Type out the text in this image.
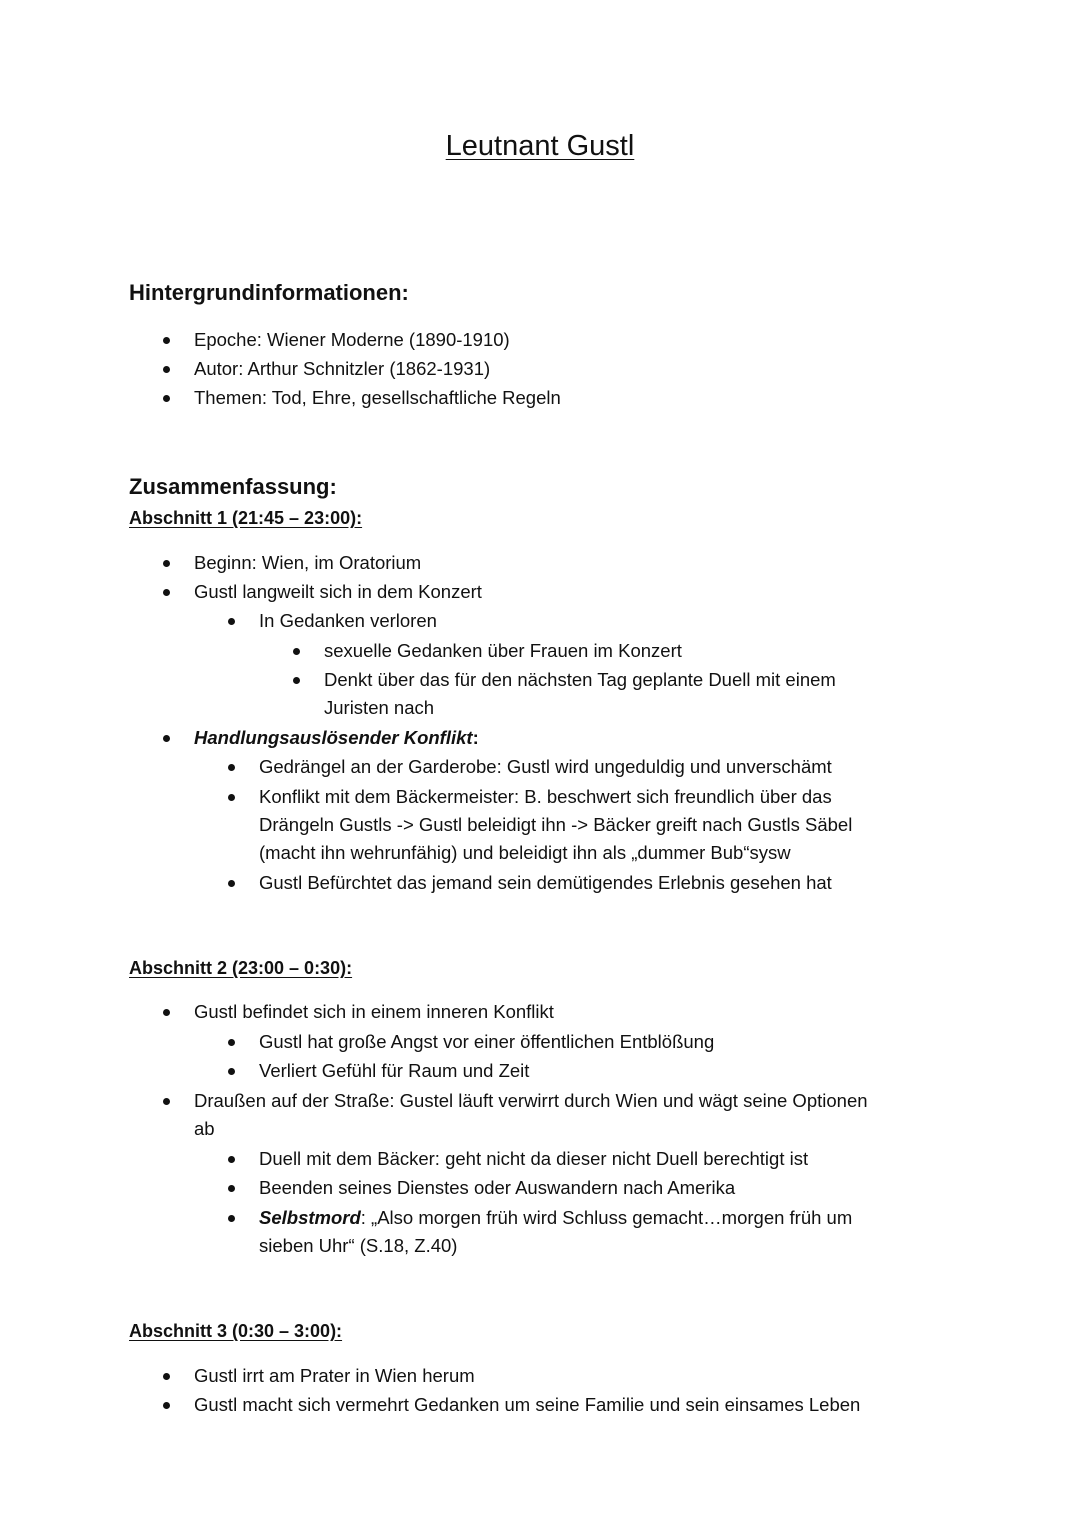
Leutnant Gustl
Hintergrundinformationen:
Epoche: Wiener Moderne (1890-1910)
Autor: Arthur Schnitzler (1862-1931)
Themen: Tod, Ehre, gesellschaftliche Regeln
Zusammenfassung:
Abschnitt 1 (21:45 – 23:00):
Beginn: Wien, im Oratorium
Gustl langweilt sich in dem Konzert
In Gedanken verloren
sexuelle Gedanken über Frauen im Konzert
Denkt über das für den nächsten Tag geplante Duell mit einem
Juristen nach
Handlungsauslösender Konflikt:
Gedrängel an der Garderobe: Gustl wird ungeduldig und unverschämt
Konflikt mit dem Bäckermeister: B. beschwert sich freundlich über das
Drängeln Gustls -> Gustl beleidigt ihn -> Bäcker greift nach Gustls Säbel
(macht ihn wehrunfähig) und beleidigt ihn als „dummer Bub“sysw
Gustl Befürchtet das jemand sein demütigendes Erlebnis gesehen hat
Abschnitt 2 (23:00 – 0:30):
Gustl befindet sich in einem inneren Konflikt
Gustl hat große Angst vor einer öffentlichen Entblößung
Verliert Gefühl für Raum und Zeit
Draußen auf der Straße: Gustel läuft verwirrt durch Wien und wägt seine Optionen
ab
Duell mit dem Bäcker: geht nicht da dieser nicht Duell berechtigt ist
Beenden seines Dienstes oder Auswandern nach Amerika
Selbstmord: „Also morgen früh wird Schluss gemacht…morgen früh um
sieben Uhr“ (S.18, Z.40)
Abschnitt 3 (0:30 – 3:00):
Gustl irrt am Prater in Wien herum
Gustl macht sich vermehrt Gedanken um seine Familie und sein einsames Leben
